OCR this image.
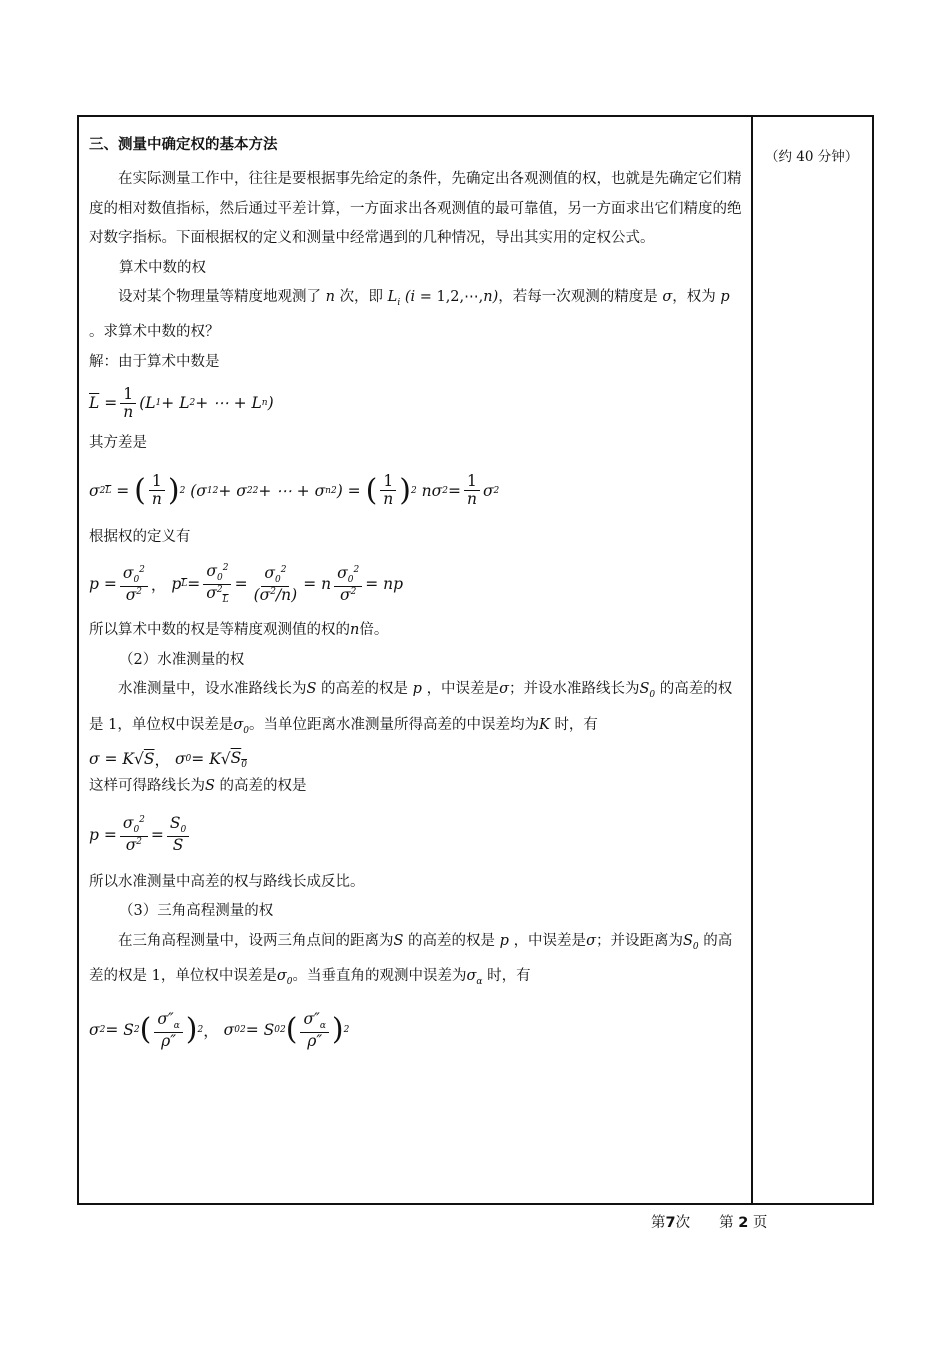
（约 40 分钟）
三、测量中确定权的基本方法

在实际测量工作中，往往是要根据事先给定的条件，先确定出各观测值的权，也就是先确定它们精度的相对数值指标，然后通过平差计算，一方面求出各观测值的最可靠值，另一方面求出它们精度的绝对数字指标。下面根据权的定义和测量中经常遇到的几种情况，导出其实用的定权公式。

算术中数的权

设对某个物理量等精度地观测了 n 次，即 $L_i$ (i = 1,2,⋯,n)，若每一次观测的精度是 σ，权为 p 。求算术中数的权？

解：由于算术中数是

$\overline{L} = \frac{1}{n} (L$ 1 + L 2 + ⋯ + L n )

其方差是

σ 2 $\overline{L}$ = ( $\frac{1}{n}$ ) 2 (σ 1 2 + σ 2 2 + ⋯ + σ n 2 ) = ( $\frac{1}{n}$ ) 2 nσ $2 = \frac{1}{n}$ σ 2

根据权的定义有

$p = \frac{\sigma_0^2}{\sigma^2}$ ， p $\overline{L} = \frac{\sigma_0^2}{\sigma^2_{\overline{L}}} = \frac{\sigma_0^2}{(\sigma^2/n)} = n \frac{\sigma_0^2}{\sigma^2}$ = np

所以算术中数的权是等精度观测值的权的n倍。

（2）水准测量的权

水准测量中，设水准路线长为S 的高差的权是 p ，中误差是σ；并设水准路线长为$S_0$ 的高差的权是 1，单位权中误差是$\sigma_0$。当单位距离水准测量所得高差的中误差均为K 时，有

σ = K√ S ， σ 0 = K√ $S_0$

这样可得路线长为S 的高差的权是

$p = \frac{\sigma_0^2}{\sigma^2} = \frac{S_0}{S}$

所以水准测量中高差的权与路线长成反比。

（3）三角高程测量的权

在三角高程测量中，设两三角点间的距离为S 的高差的权是 p ，中误差是σ；并设距离为$S_0$ 的高差的权是 1，单位权中误差是$\sigma_0$。当垂直角的观测中误差为$\sigma_\alpha$ 时，有

σ 2 = S 2 ( $\frac{\sigma''_\alpha}{\rho''}$ ) 2 ， σ 0 2 = S 0 2 ( $\frac{\sigma''_\alpha}{\rho''}$ ) 2
第7次　　第 2 页
